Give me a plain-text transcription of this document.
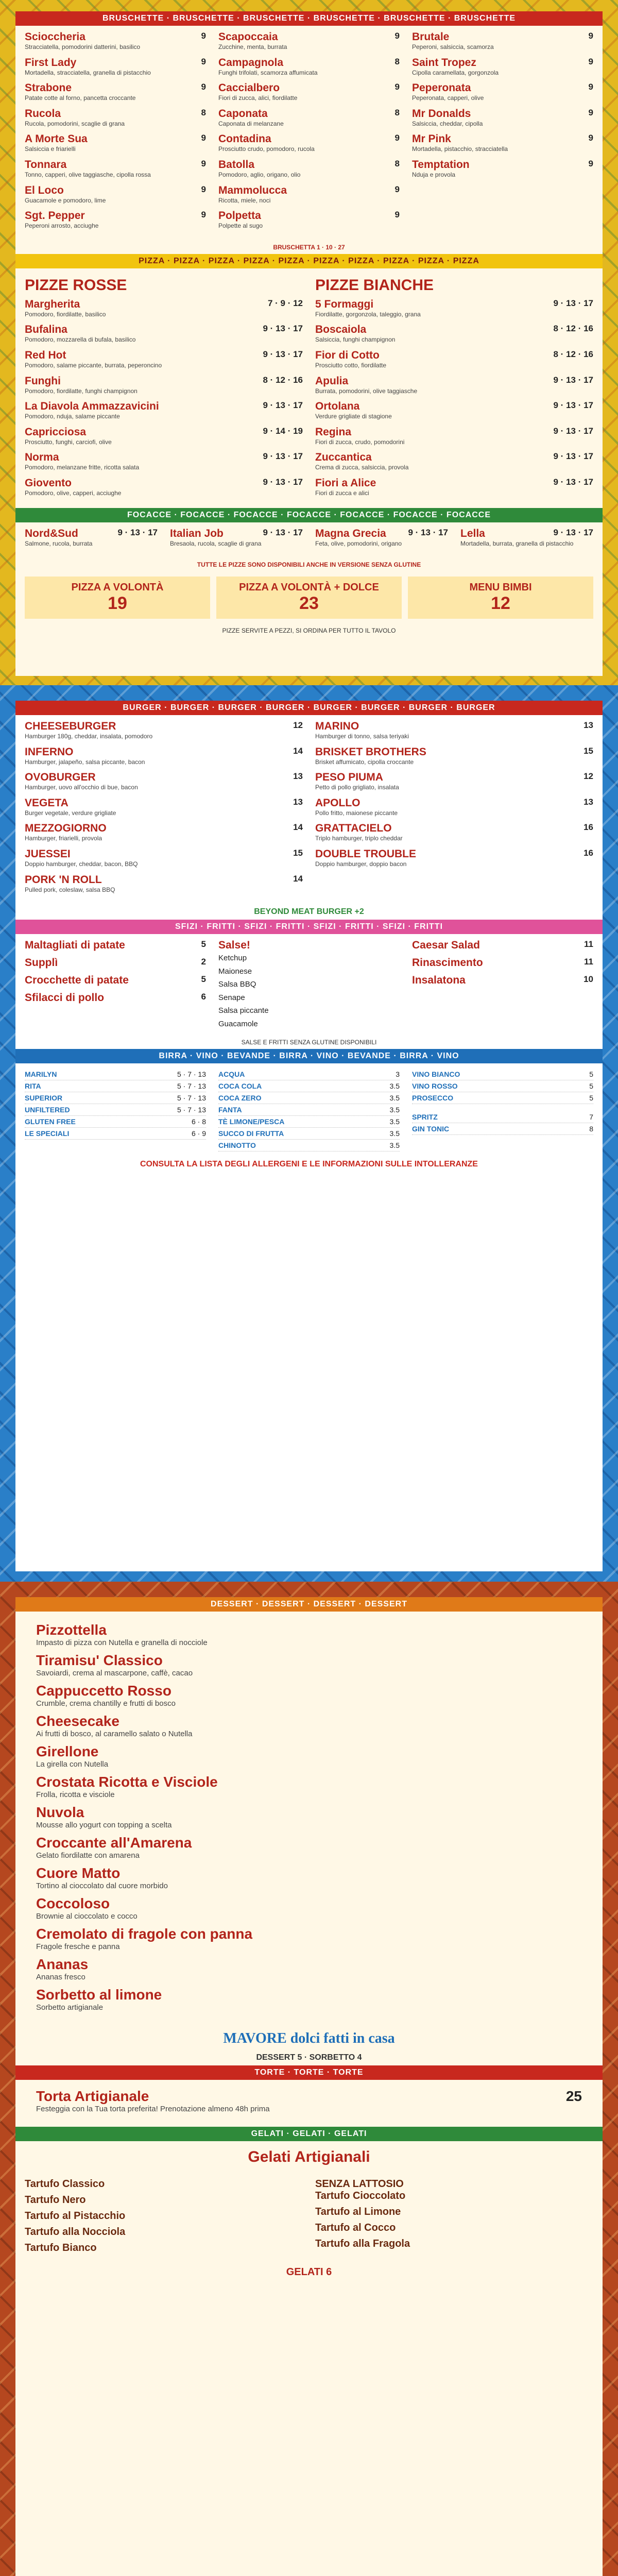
BRUSCHETTE · BRUSCHETTE · BRUSCHETTE · BRUSCHETTE · BRUSCHETTE · BRUSCHETTE
Scioccheria	9
Stracciatella, pomodorini datterini, basilico
First Lady	9
Mortadella, stracciatella, granella di pistacchio
Strabone	9
Patate cotte al forno, pancetta croccante
Rucola	8
Rucola, pomodorini, scaglie di grana
A Morte Sua	9
Salsiccia e friarielli
Tonnara	9
Tonno, capperi, olive taggiasche, cipolla rossa
El Loco	9
Guacamole e pomodoro, lime
Sgt. Pepper	9
Peperoni arrosto, acciughe
Scapoccaia	9
Zucchine, menta, burrata
Campagnola	8
Funghi trifolati, scamorza affumicata
Caccialbero	9
Fiori di zucca, alici, fiordilatte
Caponata	8
Caponata di melanzane
Contadina	9
Prosciutto crudo, pomodoro, rucola
Batolla	8
Pomodoro, aglio, origano, olio
Mammolucca	9
Ricotta, miele, noci
Polpetta	9
Polpette al sugo
Brutale	9
Peperoni, salsiccia, scamorza
Saint Tropez	9
Cipolla caramellata, gorgonzola
Peperonata	9
Peperonata, capperi, olive
Mr Donalds	9
Salsiccia, cheddar, cipolla
Mr Pink	9
Mortadella, pistacchio, stracciatella
Temptation	9
Nduja e provola
BRUSCHETTA 1 · 10 · 27
PIZZA · PIZZA · PIZZA · PIZZA · PIZZA · PIZZA · PIZZA · PIZZA · PIZZA · PIZZA
PIZZE ROSSE
Margherita	7 · 9 · 12
Pomodoro, fiordilatte, basilico
Bufalina	9 · 13 · 17
Pomodoro, mozzarella di bufala, basilico
Red Hot	9 · 13 · 17
Pomodoro, salame piccante, burrata, peperoncino
Funghi	8 · 12 · 16
Pomodoro, fiordilatte, funghi champignon
La Diavola Ammazzavicini	9 · 13 · 17
Pomodoro, nduja, salame piccante
Capricciosa	9 · 14 · 19
Prosciutto, funghi, carciofi, olive
Norma	9 · 13 · 17
Pomodoro, melanzane fritte, ricotta salata
Giovento	9 · 13 · 17
Pomodoro, olive, capperi, acciughe
PIZZE BIANCHE
5 Formaggi	9 · 13 · 17
Fiordilatte, gorgonzola, taleggio, grana
Boscaiola	8 · 12 · 16
Salsiccia, funghi champignon
Fior di Cotto	8 · 12 · 16
Prosciutto cotto, fiordilatte
Apulia	9 · 13 · 17
Burrata, pomodorini, olive taggiasche
Ortolana	9 · 13 · 17
Verdure grigliate di stagione
Regina	9 · 13 · 17
Fiori di zucca, crudo, pomodorini
Zuccantica	9 · 13 · 17
Crema di zucca, salsiccia, provola
Fiori a Alice	9 · 13 · 17
Fiori di zucca e alici
FOCACCE · FOCACCE · FOCACCE · FOCACCE · FOCACCE · FOCACCE · FOCACCE
Nord&Sud	9 · 13 · 17
Salmone, rucola, burrata
Italian Job	9 · 13 · 17
Bresaola, rucola, scaglie di grana
Magna Grecia	9 · 13 · 17
Feta, olive, pomodorini, origano
Lella	9 · 13 · 17
Mortadella, burrata, granella di pistacchio
TUTTE LE PIZZE SONO DISPONIBILI ANCHE IN VERSIONE SENZA GLUTINE
PIZZA A VOLONTÀ
19
PIZZA A VOLONTÀ + DOLCE
23
MENU BIMBI
12
PIZZE SERVITE A PEZZI, SI ORDINA PER TUTTO IL TAVOLO
BURGER · BURGER · BURGER · BURGER · BURGER · BURGER · BURGER · BURGER
CHEESEBURGER	12
Hamburger 180g, cheddar, insalata, pomodoro
INFERNO	14
Hamburger, jalapeño, salsa piccante, bacon
OVOBURGER	13
Hamburger, uovo all'occhio di bue, bacon
VEGETA	13
Burger vegetale, verdure grigliate
MEZZOGIORNO	14
Hamburger, friarielli, provola
JUESSEI	15
Doppio hamburger, cheddar, bacon, BBQ
PORK 'N ROLL	14
Pulled pork, coleslaw, salsa BBQ
MARINO	13
Hamburger di tonno, salsa teriyaki
BRISKET BROTHERS	15
Brisket affumicato, cipolla croccante
PESO PIUMA	12
Petto di pollo grigliato, insalata
APOLLO	13
Pollo fritto, maionese piccante
GRATTACIELO	16
Triplo hamburger, triplo cheddar
DOUBLE TROUBLE	16
Doppio hamburger, doppio bacon
BEYOND MEAT BURGER +2
SFIZI · FRITTI · SFIZI · FRITTI · SFIZI · FRITTI · SFIZI · FRITTI
Maltagliati di patate	5
Supplì	2
Crocchette di patate	5
Sfilacci di pollo	6
Salse!
Ketchup
Maionese
Salsa BBQ
Senape
Salsa piccante
Guacamole
Caesar Salad	11
Rinascimento	11
Insalatona	10
SALSE E FRITTI SENZA GLUTINE DISPONIBILI
BIRRA · VINO · BEVANDE · BIRRA · VINO · BEVANDE · BIRRA · VINO
MARILYN	5 · 7 · 13
RITA	5 · 7 · 13
SUPERIOR	5 · 7 · 13
UNFILTERED	5 · 7 · 13
GLUTEN FREE	6 · 8
LE SPECIALI	6 · 9
ACQUA	3
COCA COLA	3.5
COCA ZERO	3.5
FANTA	3.5
TÈ LIMONE/PESCA	3.5
SUCCO DI FRUTTA	3.5
CHINOTTO	3.5
VINO BIANCO	5
VINO ROSSO	5
PROSECCO	5
SPRITZ	7
GIN TONIC	8
CONSULTA LA LISTA DEGLI ALLERGENI E LE INFORMAZIONI SULLE INTOLLERANZE
DESSERT · DESSERT · DESSERT · DESSERT
Pizzottella
Impasto di pizza con Nutella e granella di nocciole
Tiramisu' Classico
Savoiardi, crema al mascarpone, caffè, cacao
Cappuccetto Rosso
Crumble, crema chantilly e frutti di bosco
Cheesecake
Ai frutti di bosco, al caramello salato o Nutella
Girellone
La girella con Nutella
Crostata Ricotta e Visciole
Frolla, ricotta e visciole
Nuvola
Mousse allo yogurt con topping a scelta
Croccante all'Amarena
Gelato fiordilatte con amarena
Cuore Matto
Tortino al cioccolato dal cuore morbido
Coccoloso
Brownie al cioccolato e cocco
Cremolato di fragole con panna
Fragole fresche e panna
Ananas
Ananas fresco
Sorbetto al limone
Sorbetto artigianale
MAVORE dolci fatti in casa
DESSERT 5 · SORBETTO 4
TORTE · TORTE · TORTE
Torta Artigianale	25
Festeggia con la Tua torta preferita! Prenotazione almeno 48h prima
GELATI · GELATI · GELATI
Gelati Artigianali
Tartufo Classico
Tartufo Nero
Tartufo al Pistacchio
Tartufo alla Nocciola
Tartufo Bianco
SENZA LATTOSIO
Tartufo Cioccolato
Tartufo al Limone
Tartufo al Cocco
Tartufo alla Fragola
GELATI 6
